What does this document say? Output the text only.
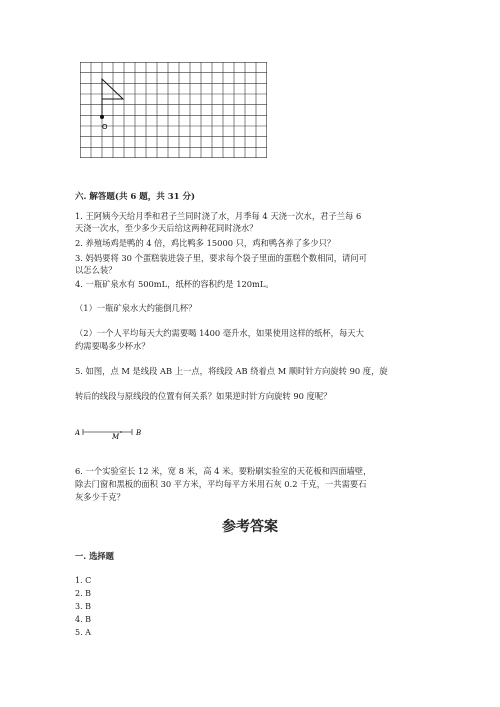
O
六. 解答题(共 6 题，共 31 分)
1. 王阿姨今天给月季和君子兰同时浇了水，月季每 4 天浇一次水，君子兰每 6
天浇一次水，至少多少天后给这两种花同时浇水？
2. 养殖场鸡是鸭的 4 倍，鸡比鸭多 15000 只，鸡和鸭各养了多少只？
3. 妈妈要将 30 个蛋糕装进袋子里，要求每个袋子里面的蛋糕个数相同，请问可
以怎么装？
4. 一瓶矿泉水有 500mL，纸杯的容积约是 120mL。
（1）一瓶矿泉水大约能倒几杯？
（2）一个人平均每天大约需要喝 1400 毫升水，如果使用这样的纸杯，每天大
约需要喝多少杯水？
5. 如图，点 M 是线段 AB 上一点，将线段 AB 绕着点 M 顺时针方向旋转 90 度，旋
转后的线段与原线段的位置有何关系？如果逆时针方向旋转 90 度呢？
A	M B
6. 一个实验室长 12 米，宽 8 米，高 4 米。要粉刷实验室的天花板和四面墙壁，
除去门窗和黑板的面积 30 平方米，平均每平方米用石灰 0.2 千克，一共需要石
灰多少千克？
参考答案
一. 选择题
1. C
2. B
3. B
4. B
5. A
